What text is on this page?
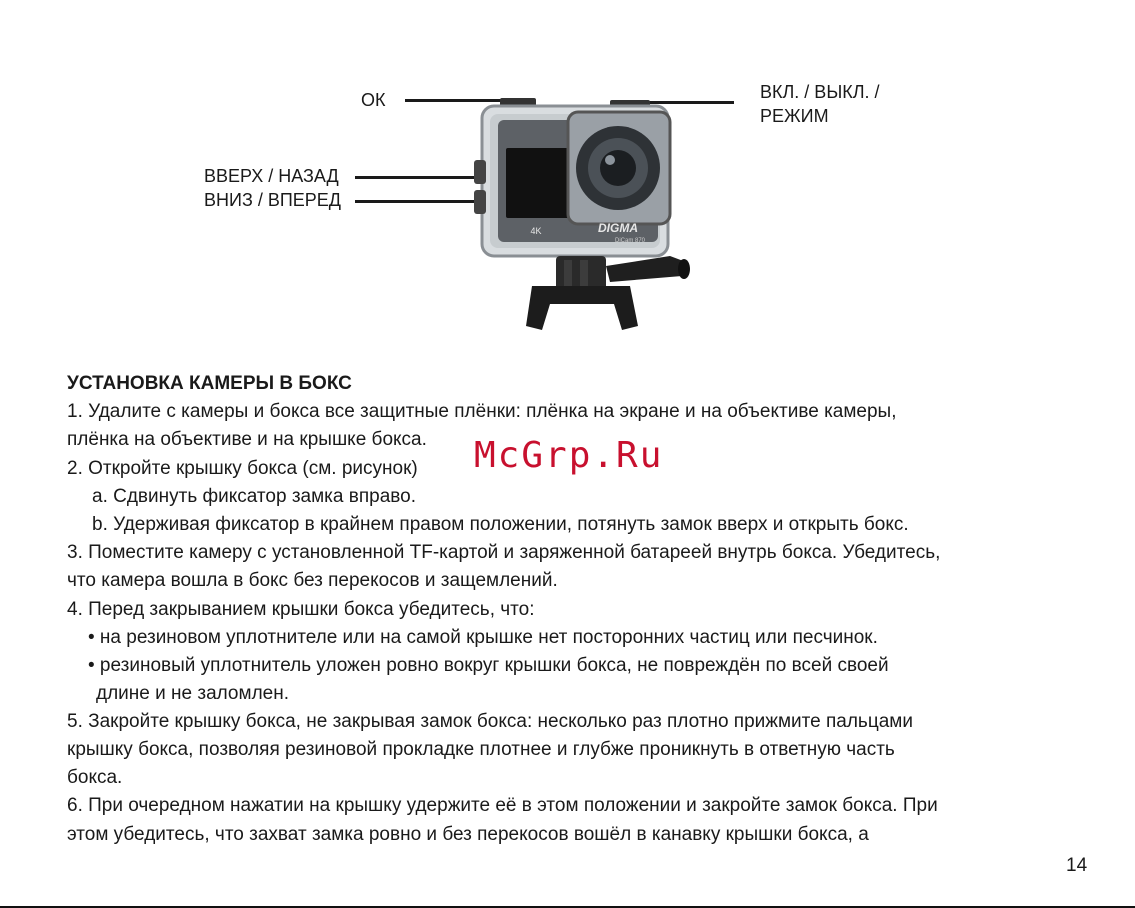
ОК	ВКЛ. / ВЫКЛ. /
РЕЖИМ
ВВЕРХ / НАЗАД
ВНИЗ / ВПЕРЕД
DIGMA
DiCam 870
4K
McGrp.Ru
УСТАНОВКА КАМЕРЫ В БОКС
1. Удалите с камеры и бокса все защитные плёнки: плёнка на экране и на объективе камеры,
плёнка на объективе и на крышке бокса.
2. Откройте крышку бокса (см. рисунок)
a. Сдвинуть фиксатор замка вправо.
b. Удерживая фиксатор в крайнем правом положении, потянуть замок вверх и открыть бокс.
3. Поместите камеру с установленной TF-картой и заряженной батареей внутрь бокса. Убедитесь,
что камера вошла в бокс без перекосов и защемлений.
4. Перед закрыванием крышки бокса убедитесь, что:
• на резиновом уплотнителе или на самой крышке нет посторонних частиц или песчинок.
• резиновый уплотнитель уложен ровно вокруг крышки бокса, не повреждён по всей своей
длине и не заломлен.
5. Закройте крышку бокса, не закрывая замок бокса: несколько раз плотно прижмите пальцами
крышку бокса, позволяя резиновой прокладке плотнее и глубже проникнуть в ответную часть
бокса.
6. При очередном нажатии на крышку удержите её в этом положении и закройте замок бокса. При
этом убедитесь, что захват замка ровно и без перекосов вошёл в канавку крышки бокса, а
14
